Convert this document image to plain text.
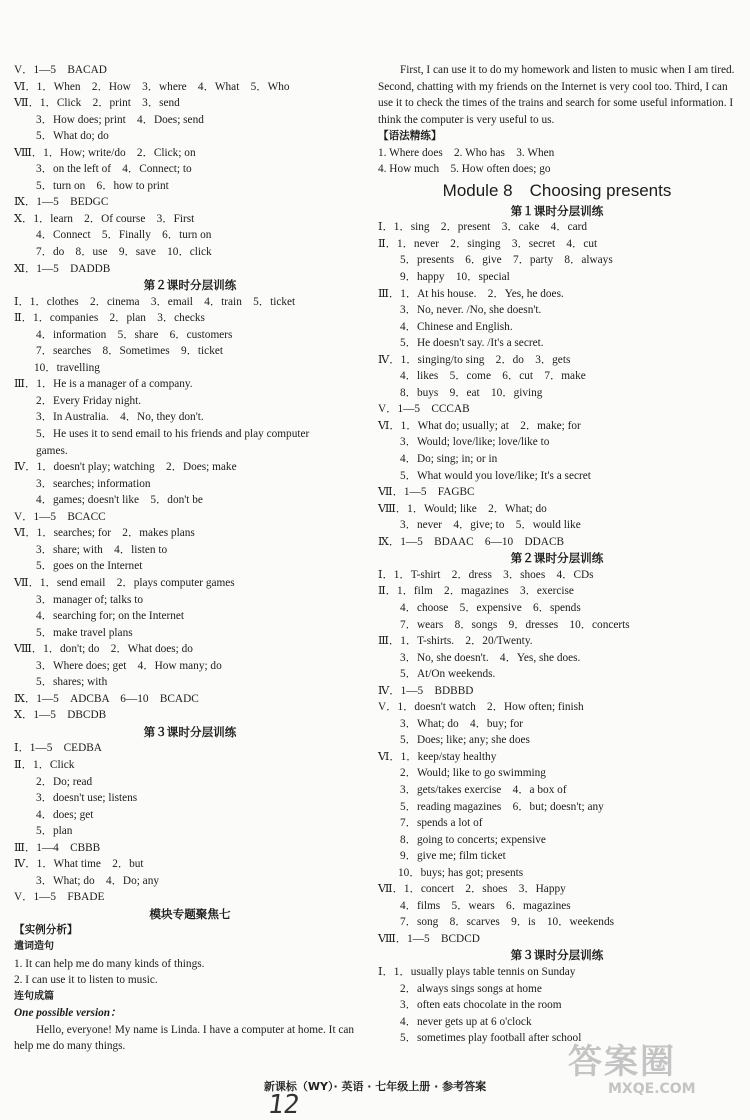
V．1—5　BACAD
Ⅵ．1．When　2．How　3．where　4．What　5．Who
Ⅶ．1．Click　2．print　3．send
3．How does; print　4．Does; send
5．What do; do
Ⅷ．1．How; write/do　2．Click; on
3．on the left of　4．Connect; to
5．turn on　6．how to print
Ⅸ．1—5　BEDGC
Ⅹ．1．learn　2．Of course　3．First
4．Connect　5．Finally　6．turn on
7．do　8．use　9．save　10．click
Ⅺ．1—5　DADDB
第２课时分层训练
Ⅰ．1．clothes　2．cinema　3．email　4．train　5．ticket
Ⅱ．1．companies　2．plan　3．checks
4．information　5．share　6．customers
7．searches　8．Sometimes　9．ticket
10．travelling
Ⅲ．1．He is a manager of a company.
2．Every Friday night.
3．In Australia.　4．No, they don't.
5．He uses it to send email to his friends and play computer
games.
Ⅳ．1．doesn't play; watching　2．Does; make
3．searches; information
4．games; doesn't like　5．don't be
V．1—5　BCACC
Ⅵ．1．searches; for　2．makes plans
3．share; with　4．listen to
5．goes on the Internet
Ⅶ．1．send email　2．plays computer games
3．manager of; talks to
4．searching for; on the Internet
5．make travel plans
Ⅷ．1．don't; do　2．What does; do
3．Where does; get　4．How many; do
5．shares; with
Ⅸ．1—5　ADCBA　6—10　BCADC
Ⅹ．1—5　DBCDB
第３课时分层训练
Ⅰ．1—5　CEDBA
Ⅱ．1．Click
2．Do; read
3．doesn't use; listens
4．does; get
5．plan
Ⅲ．1—4　CBBB
Ⅳ．1．What time　2．but
3．What; do　4．Do; any
V．1—5　FBADE
模块专题聚焦七
【实例分析】
遣词造句
1. It can help me do many kinds of things.
2. I can use it to listen to music.
连句成篇
One possible version：
Hello, everyone! My name is Linda. I have a computer at home. It can help me do many things.
First, I can use it to do my homework and listen to music when I am tired. Second, chatting with my friends on the Internet is very cool too. Third, I can use it to check the times of the trains and search for some useful information. I think the computer is very useful to us.
【语法精练】
1. Where does　2. Who has　3. When
4. How much　5. How often does; go
Module 8　Choosing presents
第１课时分层训练
Ⅰ．1．sing　2．present　3．cake　4．card
Ⅱ．1．never　2．singing　3．secret　4．cut
5．presents　6．give　7．party　8．always
9．happy　10．special
Ⅲ．1．At his house.　2．Yes, he does.
3．No, never. /No, she doesn't.
4．Chinese and English.
5．He doesn't say. /It's a secret.
Ⅳ．1．singing/to sing　2．do　3．gets
4．likes　5．come　6．cut　7．make
8．buys　9．eat　10．giving
V．1—5　CCCAB
Ⅵ．1．What do; usually; at　2．make; for
3．Would; love/like; love/like to
4．Do; sing; in; or in
5．What would you love/like; It's a secret
Ⅶ．1—5　FAGBC
Ⅷ．1．Would; like　2．What; do
3．never　4．give; to　5．would like
Ⅸ．1—5　BDAAC　6—10　DDACB
第２课时分层训练
Ⅰ．1．T-shirt　2．dress　3．shoes　4．CDs
Ⅱ．1．film　2．magazines　3．exercise
4．choose　5．expensive　6．spends
7．wears　8．songs　9．dresses　10．concerts
Ⅲ．1．T-shirts.　2．20/Twenty.
3．No, she doesn't.　4．Yes, she does.
5．At/On weekends.
Ⅳ．1—5　BDBBD
V．1．doesn't watch　2．How often; finish
3．What; do　4．buy; for
5．Does; like; any; she does
Ⅵ．1．keep/stay healthy
2．Would; like to go swimming
3．gets/takes exercise　4．a box of
5．reading magazines　6．but; doesn't; any
7．spends a lot of
8．going to concerts; expensive
9．give me; film ticket
10．buys; has got; presents
Ⅶ．1．concert　2．shoes　3．Happy
4．films　5．wears　6．magazines
7．song　8．scarves　9．is　10．weekends
Ⅷ．1—5　BCDCD
第３课时分层训练
Ⅰ．1．usually plays table tennis on Sunday
2．always sings songs at home
3．often eats chocolate in the room
4．never gets up at 6 o'clock
5．sometimes play football after school
新课标（WY）· 英语 · 七年级上册 · 参考答案
12
答案圈
MXQE.COM
